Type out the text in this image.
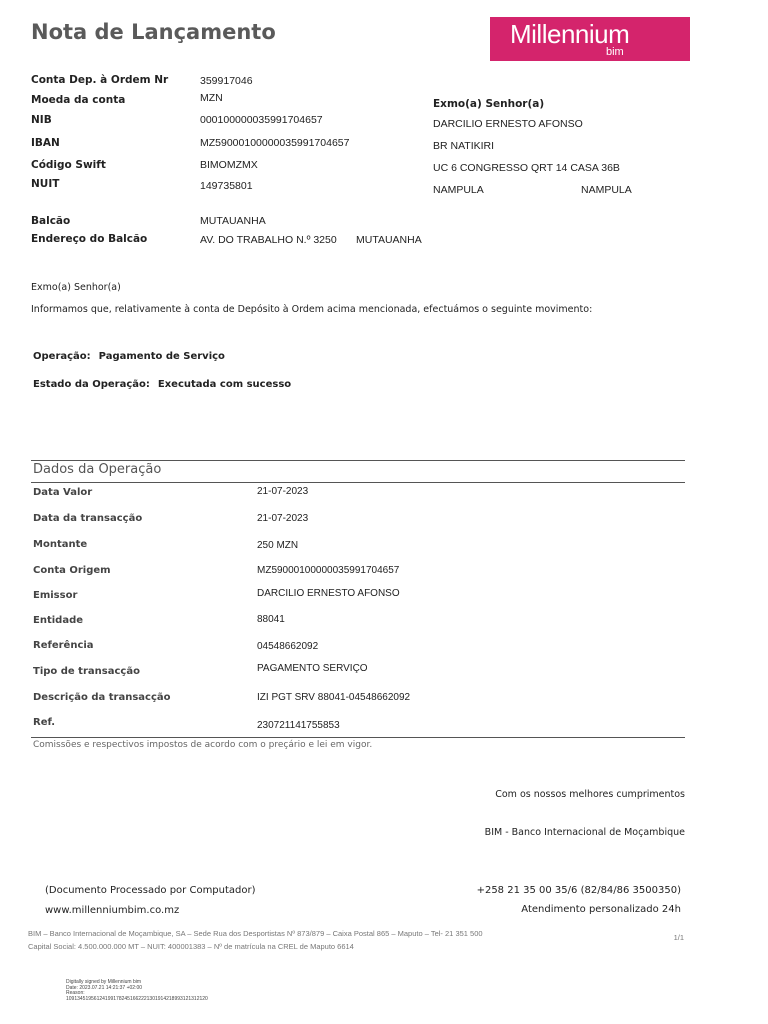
Nota de Lançamento	Millennium
bim
Conta Dep. à Ordem Nr	359917046
Moeda da conta	MZN
NIB	000100000035991704657
IBAN	MZ59000100000035991704657
Código Swift	BIMOMZMX
NUIT	149735801
Balcão	MUTAUANHA
Endereço do Balcão	AV. DO TRABALHO N.º 3250 MUTAUANHA
Exmo(a) Senhor(a)
DARCILIO ERNESTO AFONSO
BR NATIKIRI
UC 6 CONGRESSO QRT 14 CASA 36B
NAMPULA	NAMPULA
Exmo(a) Senhor(a)
Informamos que, relativamente à conta de Depósito à Ordem acima mencionada, efectuámos o seguinte movimento:
Operação: Pagamento de Serviço
Estado da Operação: Executada com sucesso
Dados da Operação
Data Valor	21-07-2023
Data da transacção	21-07-2023
Montante	250 MZN
Conta Origem	MZ59000100000035991704657
Emissor	DARCILIO ERNESTO AFONSO
Entidade	88041
Referência	04548662092
Tipo de transacção	PAGAMENTO SERVIÇO
Descrição da transacção	IZI PGT SRV 88041-04548662092
Ref.	230721141755853
Comissões e respectivos impostos de acordo com o preçário e lei em vigor.
Com os nossos melhores cumprimentos
BIM - Banco Internacional de Moçambique
(Documento Processado por Computador)
www.millenniumbim.co.mz
+258 21 35 00 35/6 (82/84/86 3500350)
Atendimento personalizado 24h
BIM – Banco Internacional de Moçambique, SA – Sede Rua dos Desportistas Nº 873/879 – Caixa Postal 865 – Maputo – Tel- 21 351 500
Capital Social: 4.500.000.000 MT – NUIT: 400001383 – Nº de matrícula na CREL de Maputo 6614
1/1
Digitally signed by Millennium bim
Date: 2023.07.21 14:21:37 +02:00
Reason:
109134519561241991782451662221301914218993121312120
